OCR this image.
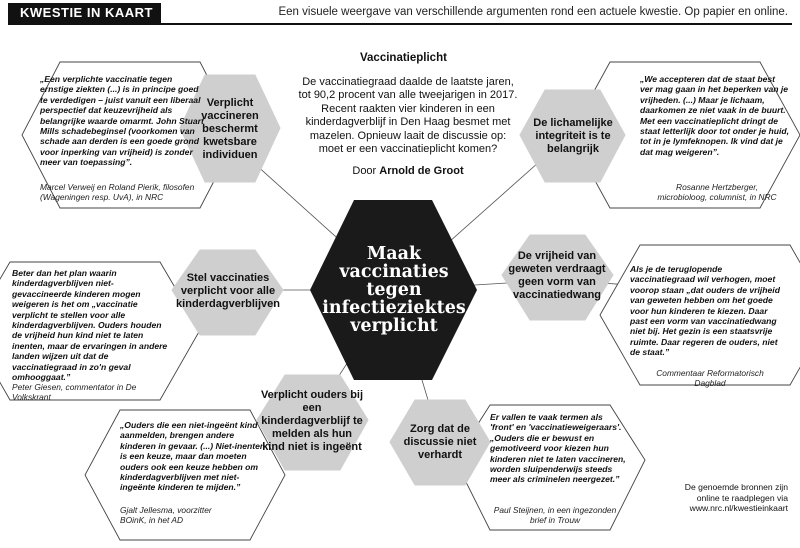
KWESTIE IN KAART	Een visuele weergave van verschillende argumenten rond een actuele kwestie. Op papier en online.
Vaccinatieplicht
De vaccinatiegraad daalde de laatste jaren, tot 90,2 procent van alle tweejarigen in 2017. Recent raakten vier kinderen in een kinderdagverblijf in Den Haag besmet met mazelen. Opnieuw laait de discussie op: moet er een vaccinatieplicht komen?
Door Arnold de Groot
Maak vaccinaties tegen infectieziektes verplicht
Verplicht vaccineren beschermt kwetsbare individuen
Stel vaccinaties verplicht voor alle kinderdagverblijven
Verplicht ouders bij een kinderdagverblijf te melden als hun kind niet is ingeënt
De lichamelijke integriteit is te belangrijk
De vrijheid van geweten verdraagt geen vorm van vaccinatiedwang
Zorg dat de discussie niet verhardt
„Een verplichte vaccinatie tegen ernstige ziekten (...) is in principe goed te verdedigen – juist vanuit een liberaal perspectief dat keuzevrijheid als belangrijke waarde omarmt. John Stuart Mills schadebeginsel (voorkomen van schade aan derden is een goede grond voor inperking van vrijheid) is zonder meer van toepassing”.
Marcel Verweij en Roland Pierik, filosofen (Wageningen resp. UvA), in NRC
Beter dan het plan waarin kinderdagverblijven niet-gevaccineerde kinderen mogen weigeren is het om „vaccinatie verplicht te stellen voor alle kinderdagverblijven. Ouders houden de vrijheid hun kind niet te laten inenten, maar de ervaringen in andere landen wijzen uit dat de vaccinatiegraad in zo'n geval omhooggaat.”
Peter Giesen, commentator in De Volkskrant
„Ouders die een niet-ingeënt kind aanmelden, brengen andere kinderen in gevaar. (...) Niet-inenten is een keuze, maar dan moeten ouders ook een keuze hebben om kinderdagverblijven met niet-ingeënte kinderen te mijden.”
Gjalt Jellesma, voorzitter BOinK, in het AD
„We accepteren dat de staat best ver mag gaan in het beperken van je vrijheden. (...) Maar je lichaam, daarkomen ze niet vaak in de buurt. Met een vaccinatieplicht dringt de staat letterlijk door tot onder je huid, tot in je lymfeknopen. Ik vind dat je dat mag weigeren”.
Rosanne Hertzberger, microbioloog, columnist, in NRC
Als je de teruglopende vaccinatiegraad wil verhogen, moet voorop staan „dat ouders de vrijheid van geweten hebben om het goede voor hun kinderen te kiezen. Daar past een vorm van vaccinatiedwang niet bij. Het gezin is een staatsvrije ruimte. Daar regeren de ouders, niet de staat.”
Commentaar Reformatorisch Dagblad
Er vallen te vaak termen als 'front' en 'vaccinatieweigeraars'. „Ouders die er bewust en gemotiveerd voor kiezen hun kinderen niet te laten vaccineren, worden sluipenderwijs steeds meer als criminelen neergezet.”
Paul Steijnen, in een ingezonden brief in Trouw
De genoemde bronnen zijn online te raadplegen via www.nrc.nl/kwestieinkaart
